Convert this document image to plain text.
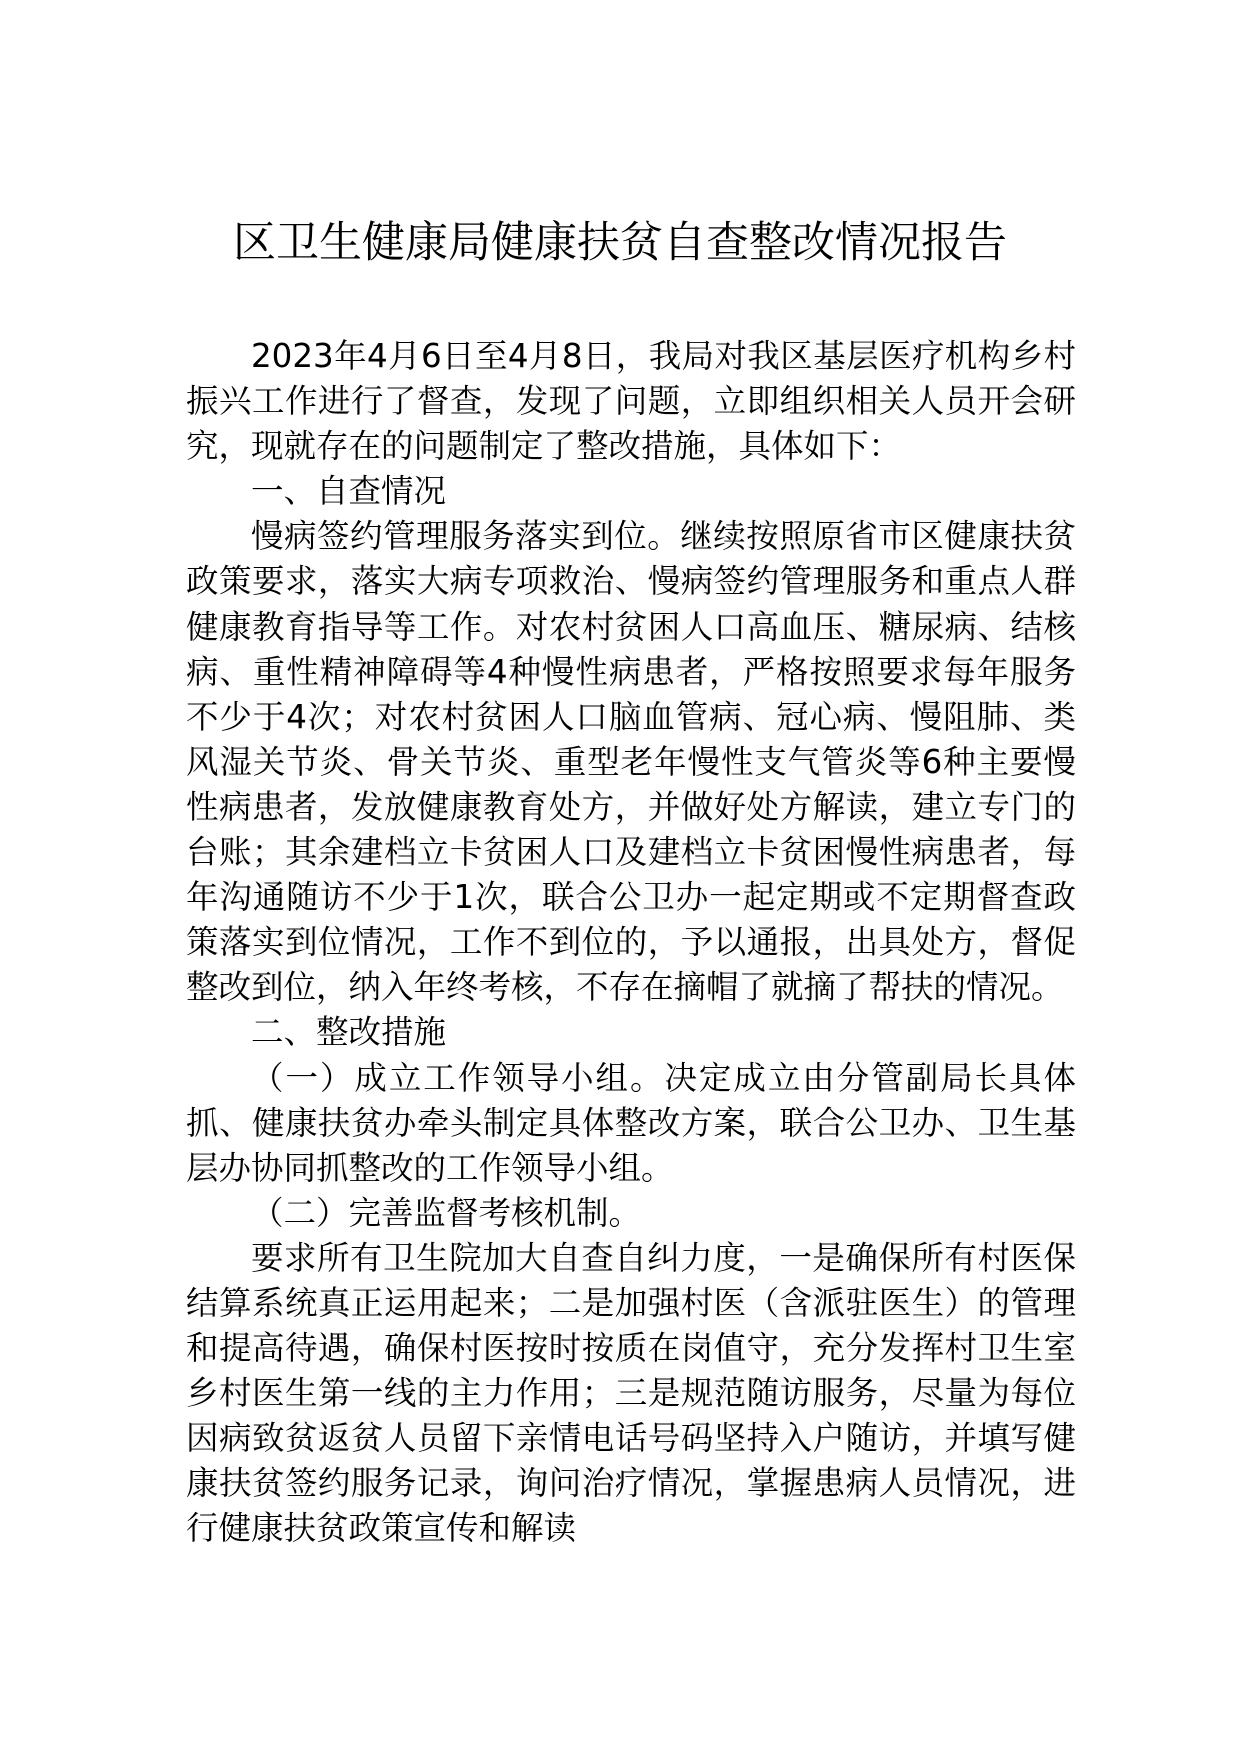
区卫生健康局健康扶贫自查整改情况报告

2023年4月6日至4月8日，我局对我区基层医疗机构乡村振兴工作进行了督查，发现了问题，立即组织相关人员开会研究，现就存在的问题制定了整改措施，具体如下：

一、自查情况

慢病签约管理服务落实到位。继续按照原省市区健康扶贫政策要求，落实大病专项救治、慢病签约管理服务和重点人群健康教育指导等工作。对农村贫困人口高血压、糖尿病、结核病、重性精神障碍等4种慢性病患者，严格按照要求每年服务不少于4次；对农村贫困人口脑血管病、冠心病、慢阻肺、类风湿关节炎、骨关节炎、重型老年慢性支气管炎等6种主要慢性病患者，发放健康教育处方，并做好处方解读，建立专门的台账；其余建档立卡贫困人口及建档立卡贫困慢性病患者，每年沟通随访不少于1次，联合公卫办一起定期或不定期督查政策落实到位情况，工作不到位的，予以通报，出具处方，督促整改到位，纳入年终考核，不存在摘帽了就摘了帮扶的情况。

二、整改措施

（一）成立工作领导小组。决定成立由分管副局长具体抓、健康扶贫办牵头制定具体整改方案，联合公卫办、卫生基层办协同抓整改的工作领导小组。

（二）完善监督考核机制。

要求所有卫生院加大自查自纠力度，一是确保所有村医保结算系统真正运用起来；二是加强村医（含派驻医生）的管理和提高待遇，确保村医按时按质在岗值守，充分发挥村卫生室乡村医生第一线的主力作用；三是规范随访服务，尽量为每位因病致贫返贫人员留下亲情电话号码坚持入户随访，并填写健康扶贫签约服务记录，询问治疗情况，掌握患病人员情况，进行健康扶贫政策宣传和解读
